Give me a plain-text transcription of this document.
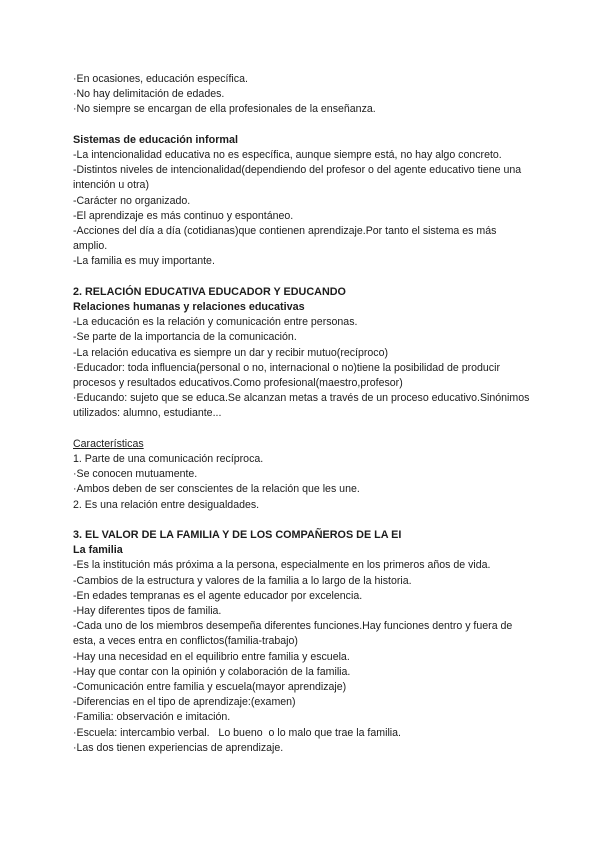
·En ocasiones, educación específica.
·No hay delimitación de edades.
·No siempre se encargan de ella profesionales de la enseñanza.
Sistemas de educación informal
-La intencionalidad educativa no es específica, aunque siempre está, no hay algo concreto.
-Distintos niveles de intencionalidad(dependiendo del profesor o del agente educativo tiene una intención u otra)
-Carácter no organizado.
-El aprendizaje es más continuo y espontáneo.
-Acciones del día a día (cotidianas)que contienen aprendizaje.Por tanto el sistema es más amplio.
-La familia es muy importante.
2. RELACIÓN EDUCATIVA EDUCADOR Y EDUCANDO
Relaciones humanas y relaciones educativas
-La educación es la relación y comunicación entre personas.
-Se parte de la importancia de la comunicación.
-La relación educativa es siempre un dar y recibir mutuo(recíproco)
·Educador: toda influencia(personal o no, internacional o no)tiene la posibilidad de producir procesos y resultados educativos.Como profesional(maestro,profesor)
·Educando: sujeto que se educa.Se alcanzan metas a través de un proceso educativo.Sinónimos utilizados: alumno, estudiante...
Características
1. Parte de una comunicación recíproca.
·Se conocen mutuamente.
·Ambos deben de ser conscientes de la relación que les une.
2. Es una relación entre desigualdades.
3. EL VALOR DE LA FAMILIA Y DE LOS COMPAÑEROS DE LA EI
La familia
-Es la institución más próxima a la persona, especialmente en los primeros años de vida.
-Cambios de la estructura y valores de la familia a lo largo de la historia.
-En edades tempranas es el agente educador por excelencia.
-Hay diferentes tipos de familia.
-Cada uno de los miembros desempeña diferentes funciones.Hay funciones dentro y fuera de esta, a veces entra en conflictos(familia-trabajo)
-Hay una necesidad en el equilibrio entre familia y escuela.
-Hay que contar con la opinión y colaboración de la familia.
-Comunicación entre familia y escuela(mayor aprendizaje)
-Diferencias en el tipo de aprendizaje:(examen)
·Familia: observación e imitación.
·Escuela: intercambio verbal.   Lo bueno  o lo malo que trae la familia.
·Las dos tienen experiencias de aprendizaje.
